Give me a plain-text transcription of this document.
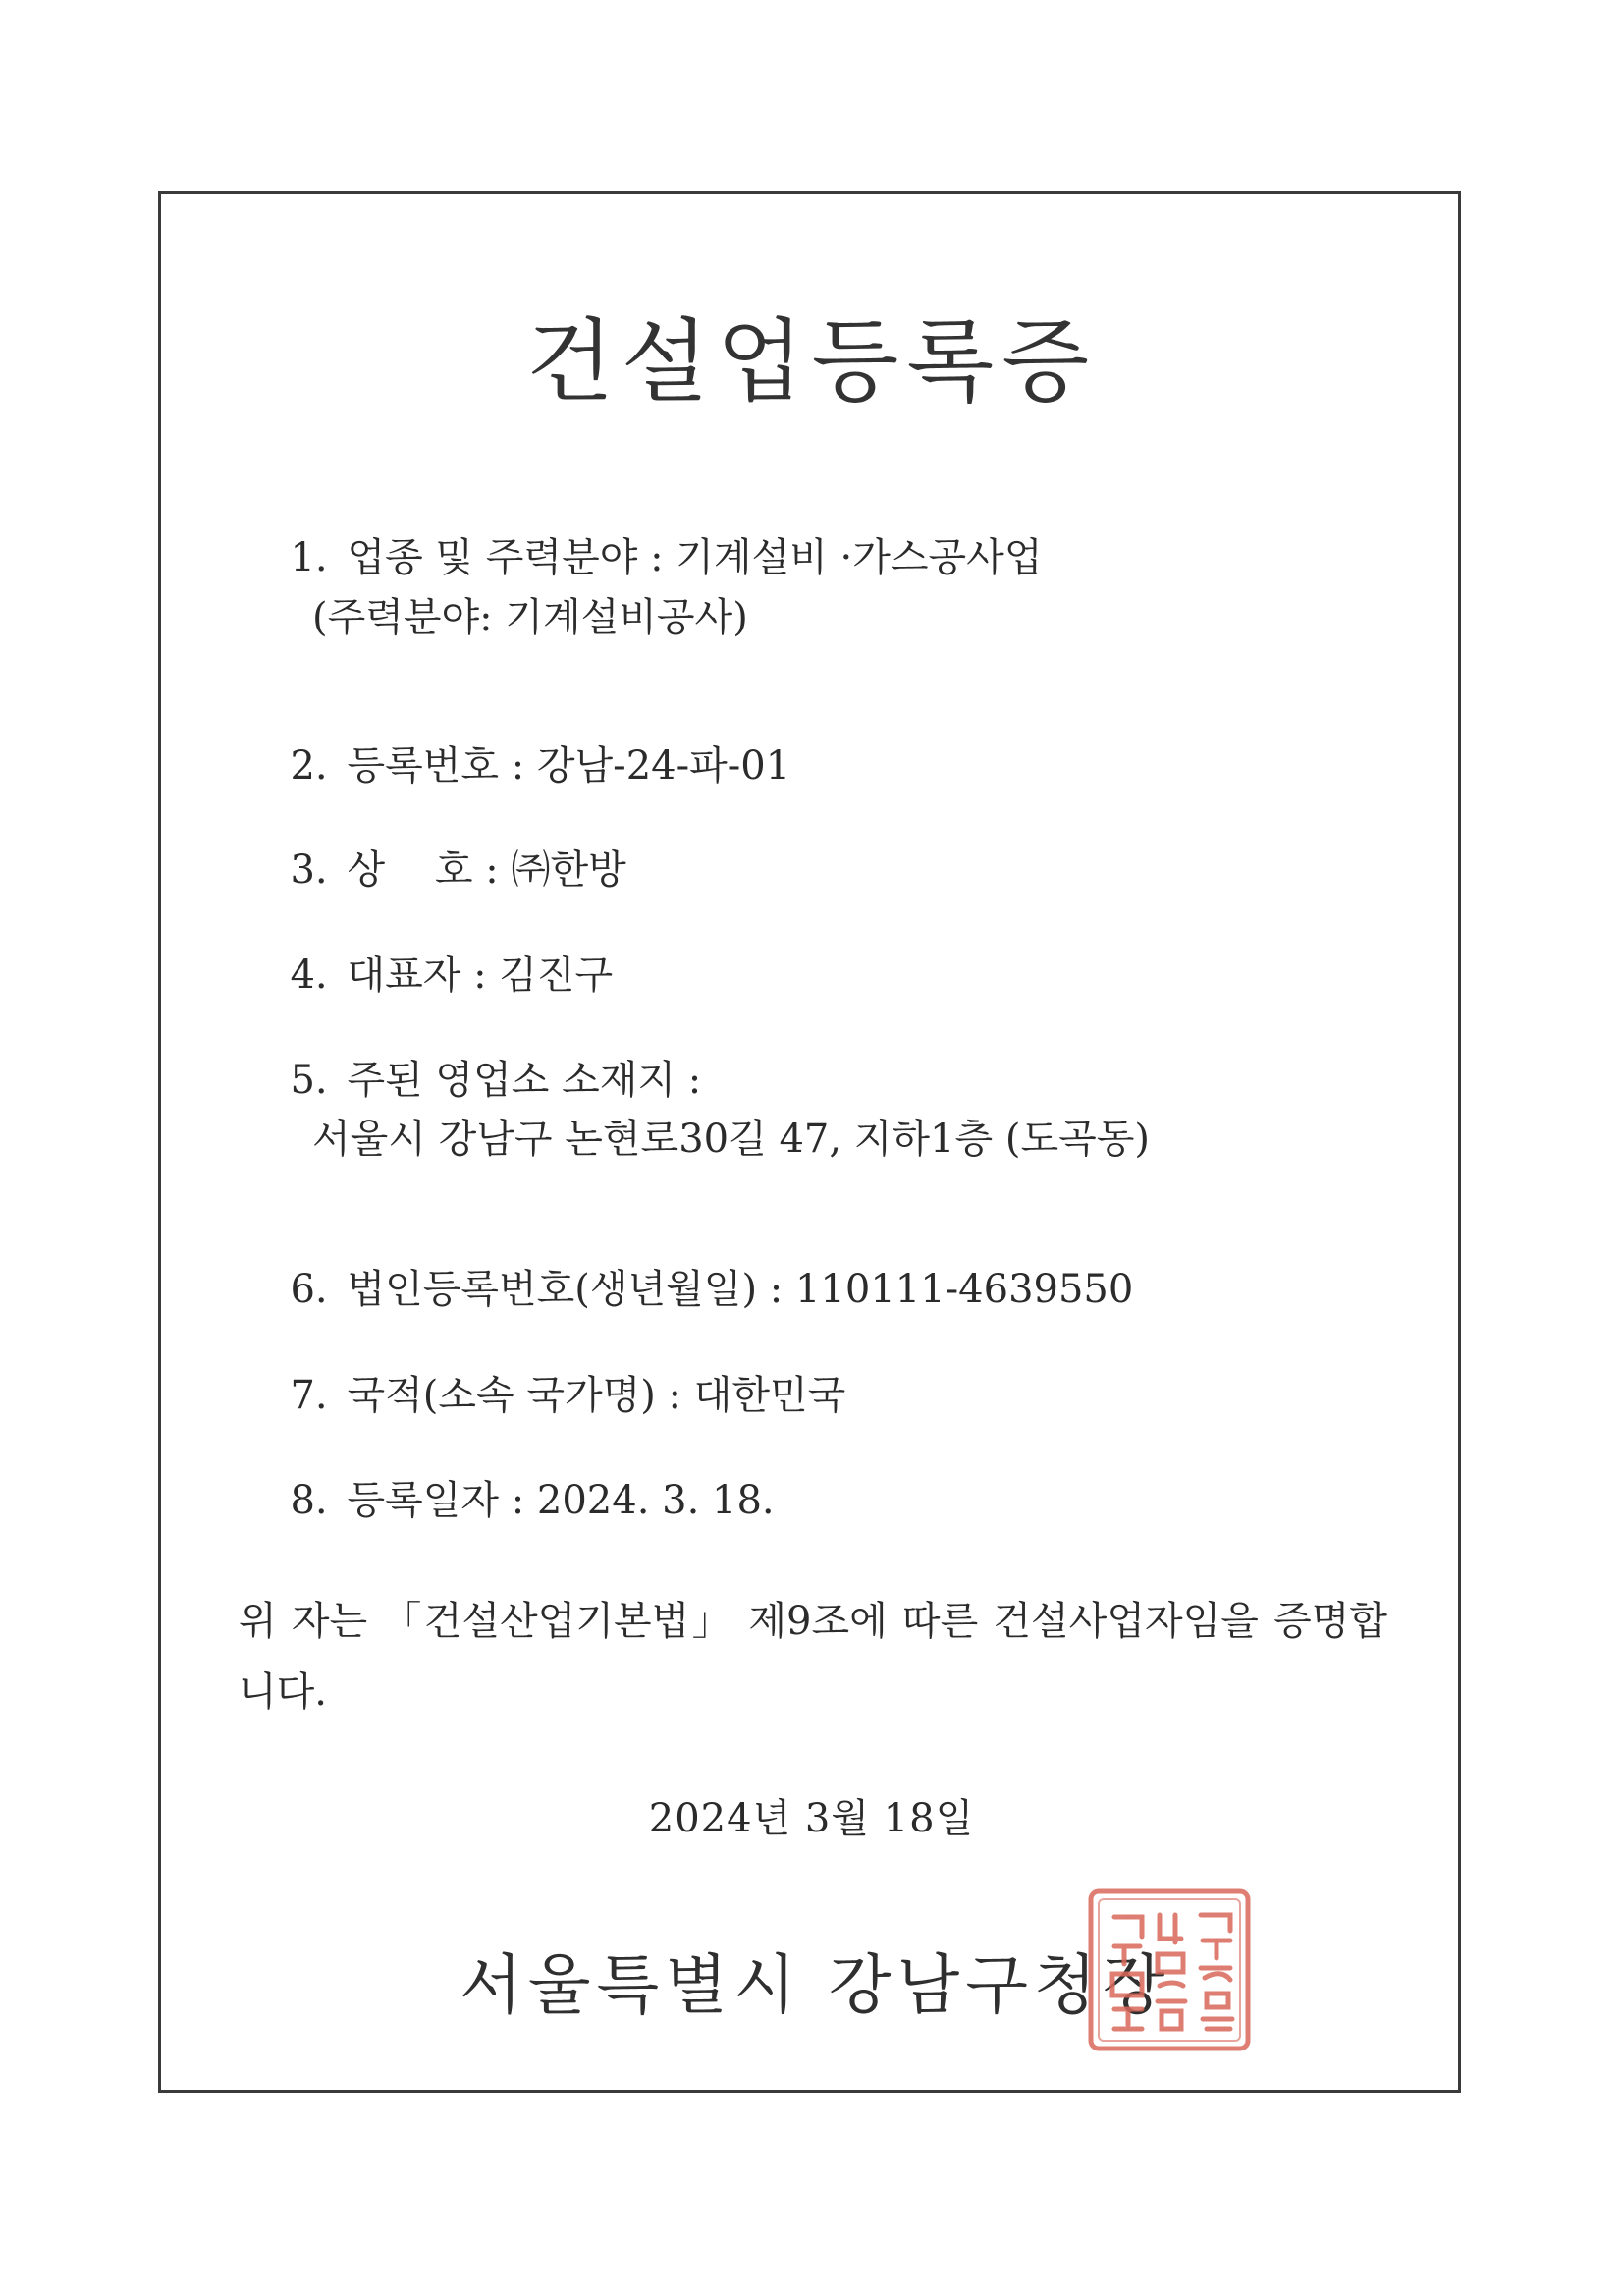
건설업등록증

1. 업종 및 주력분야 : 기계설비 ·가스공사업

(주력분야: 기계설비공사)

2. 등록번호 : 강남-24-파-01

3. 상    호 : ㈜한방

4. 대표자 : 김진구

5. 주된 영업소 소재지 :

서울시 강남구 논현로30길 47, 지하1층 (도곡동)

6. 법인등록번호(생년월일) : 110111-4639550

7. 국적(소속 국가명) : 대한민국

8. 등록일자 : 2024. 3. 18.

위 자는 「건설산업기본법」 제9조에 따른 건설사업자임을 증명합니다.
2024년 3월 18일
서울특별시 강남구청장
